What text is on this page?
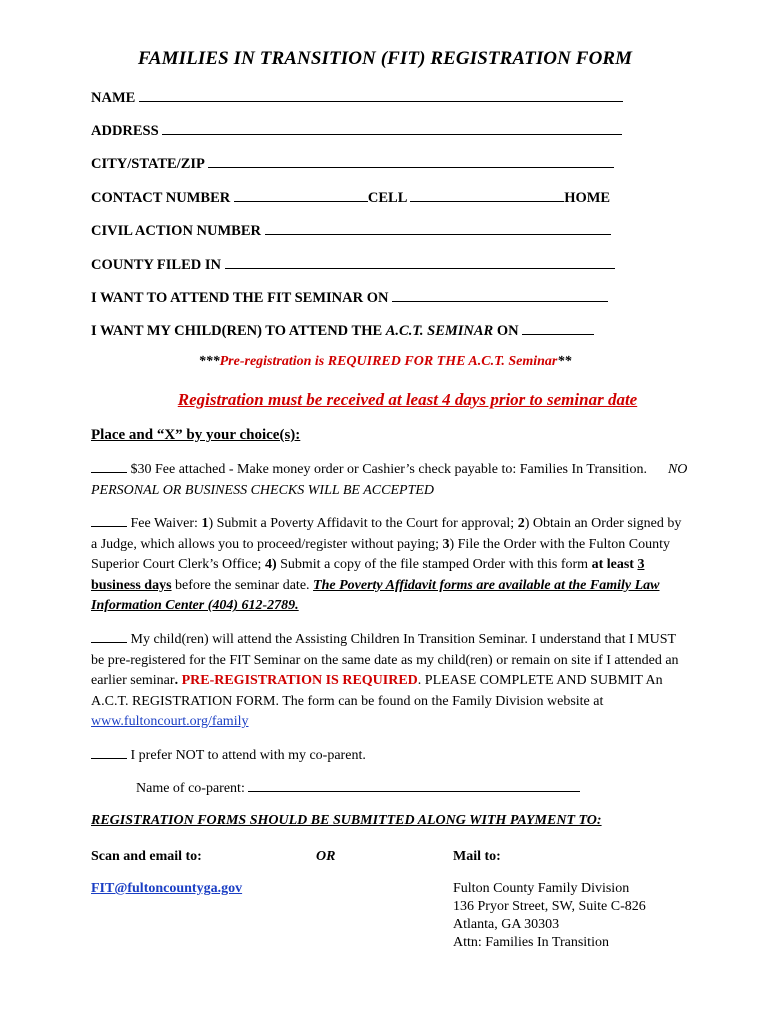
FAMILIES IN TRANSITION (FIT) REGISTRATION FORM
NAME
ADDRESS
CITY/STATE/ZIP
CONTACT NUMBER	CELL	HOME
CIVIL ACTION NUMBER
COUNTY FILED IN
I WANT TO ATTEND THE FIT SEMINAR ON
I WANT MY CHILD(REN) TO ATTEND THE A.C.T. SEMINAR ON
***Pre-registration is REQUIRED FOR THE A.C.T. Seminar**
Registration must be received at least 4 days prior to seminar date
Place and “X” by your choice(s):
$30 Fee attached - Make money order or Cashier’s check payable to: Families In Transition. NO PERSONAL OR BUSINESS CHECKS WILL BE ACCEPTED
Fee Waiver: 1) Submit a Poverty Affidavit to the Court for approval; 2) Obtain an Order signed by a Judge, which allows you to proceed/register without paying; 3) File the Order with the Fulton County Superior Court Clerk’s Office; 4) Submit a copy of the file stamped Order with this form at least 3 business days before the seminar date. The Poverty Affidavit forms are available at the Family Law Information Center (404) 612-2789.
My child(ren) will attend the Assisting Children In Transition Seminar. I understand that I MUST be pre-registered for the FIT Seminar on the same date as my child(ren) or remain on site if I attended an earlier seminar. PRE-REGISTRATION IS REQUIRED. PLEASE COMPLETE AND SUBMIT An A.C.T. REGISTRATION FORM. The form can be found on the Family Division website at www.fultoncourt.org/family
I prefer NOT to attend with my co-parent.
Name of co-parent:
REGISTRATION FORMS SHOULD BE SUBMITTED ALONG WITH PAYMENT TO:
Scan and email to:	OR	Mail to:
FIT@fultoncountyga.gov	Fulton County Family Division
136 Pryor Street, SW, Suite C-826
Atlanta, GA 30303
Attn: Families In Transition
